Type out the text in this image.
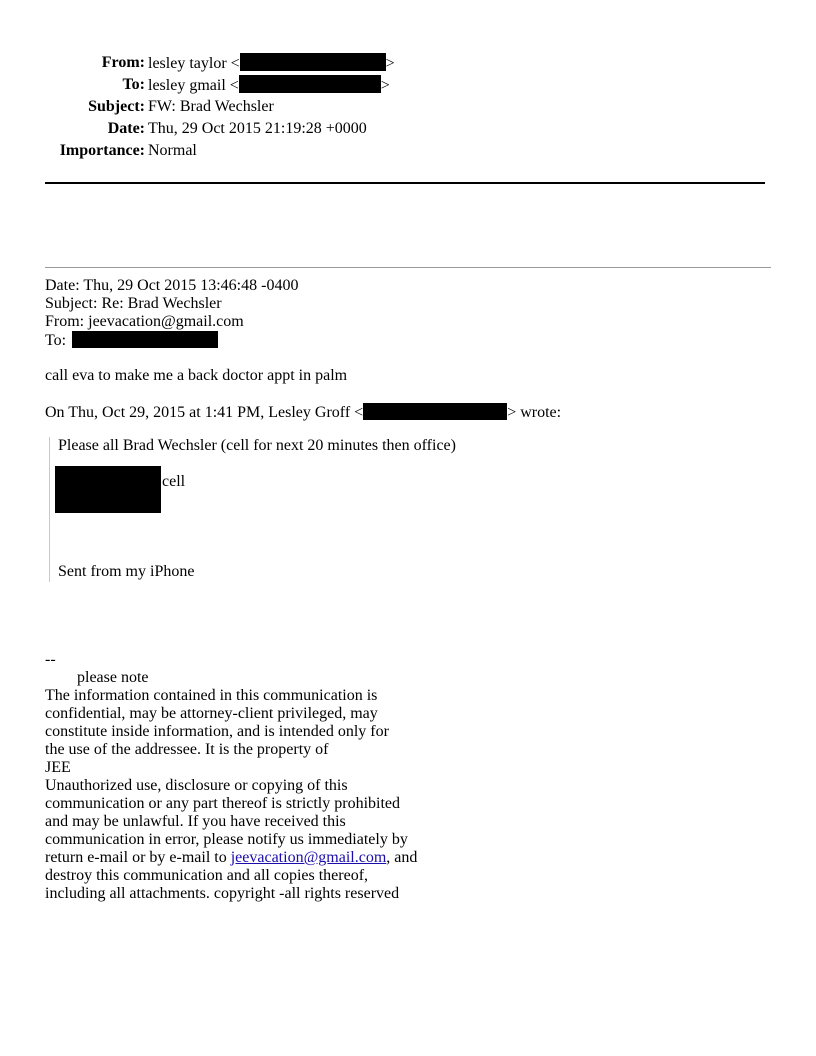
From: lesley taylor <	>
To: lesley gmail <	>
Subject: FW: Brad Wechsler
Date: Thu, 29 Oct 2015 21:19:28 +0000
Importance: Normal
Date: Thu, 29 Oct 2015 13:46:48 -0400
Subject: Re: Brad Wechsler
From: jeevacation@gmail.com
To:
call eva to make me a back doctor appt in palm
On Thu, Oct 29, 2015 at 1:41 PM, Lesley Groff <	> wrote:
Please all Brad Wechsler (cell for next 20 minutes then office)
cell
Sent from my iPhone
--
please note
The information contained in this communication is
confidential, may be attorney-client privileged, may
constitute inside information, and is intended only for
the use of the addressee. It is the property of
JEE
Unauthorized use, disclosure or copying of this
communication or any part thereof is strictly prohibited
and may be unlawful. If you have received this
communication in error, please notify us immediately by
return e-mail or by e-mail to jeevacation@gmail.com, and
destroy this communication and all copies thereof,
including all attachments. copyright -all rights reserved
